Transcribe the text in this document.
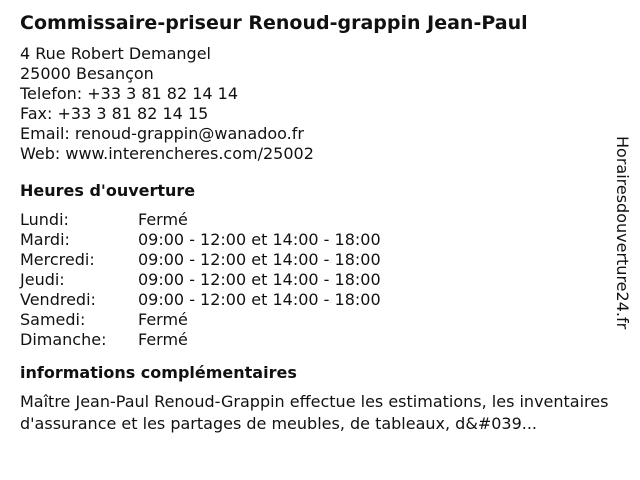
Commissaire-priseur Renoud-grappin Jean-Paul
4 Rue Robert Demangel
25000 Besançon
Telefon: +33 3 81 82 14 14
Fax: +33 3 81 82 14 15
Email: renoud-grappin@wanadoo.fr
Web: www.interencheres.com/25002
Heures d'ouverture
Lundi:	Fermé
Mardi:	09:00 - 12:00 et 14:00 - 18:00
Mercredi:	09:00 - 12:00 et 14:00 - 18:00
Jeudi:	09:00 - 12:00 et 14:00 - 18:00
Vendredi:	09:00 - 12:00 et 14:00 - 18:00
Samedi:	Fermé
Dimanche:	Fermé
informations complémentaires
Maître Jean-Paul Renoud-Grappin effectue les estimations, les inventaires d'assurance et les partages de meubles, de tableaux, d&#039...
Horairesdouverture24.fr
